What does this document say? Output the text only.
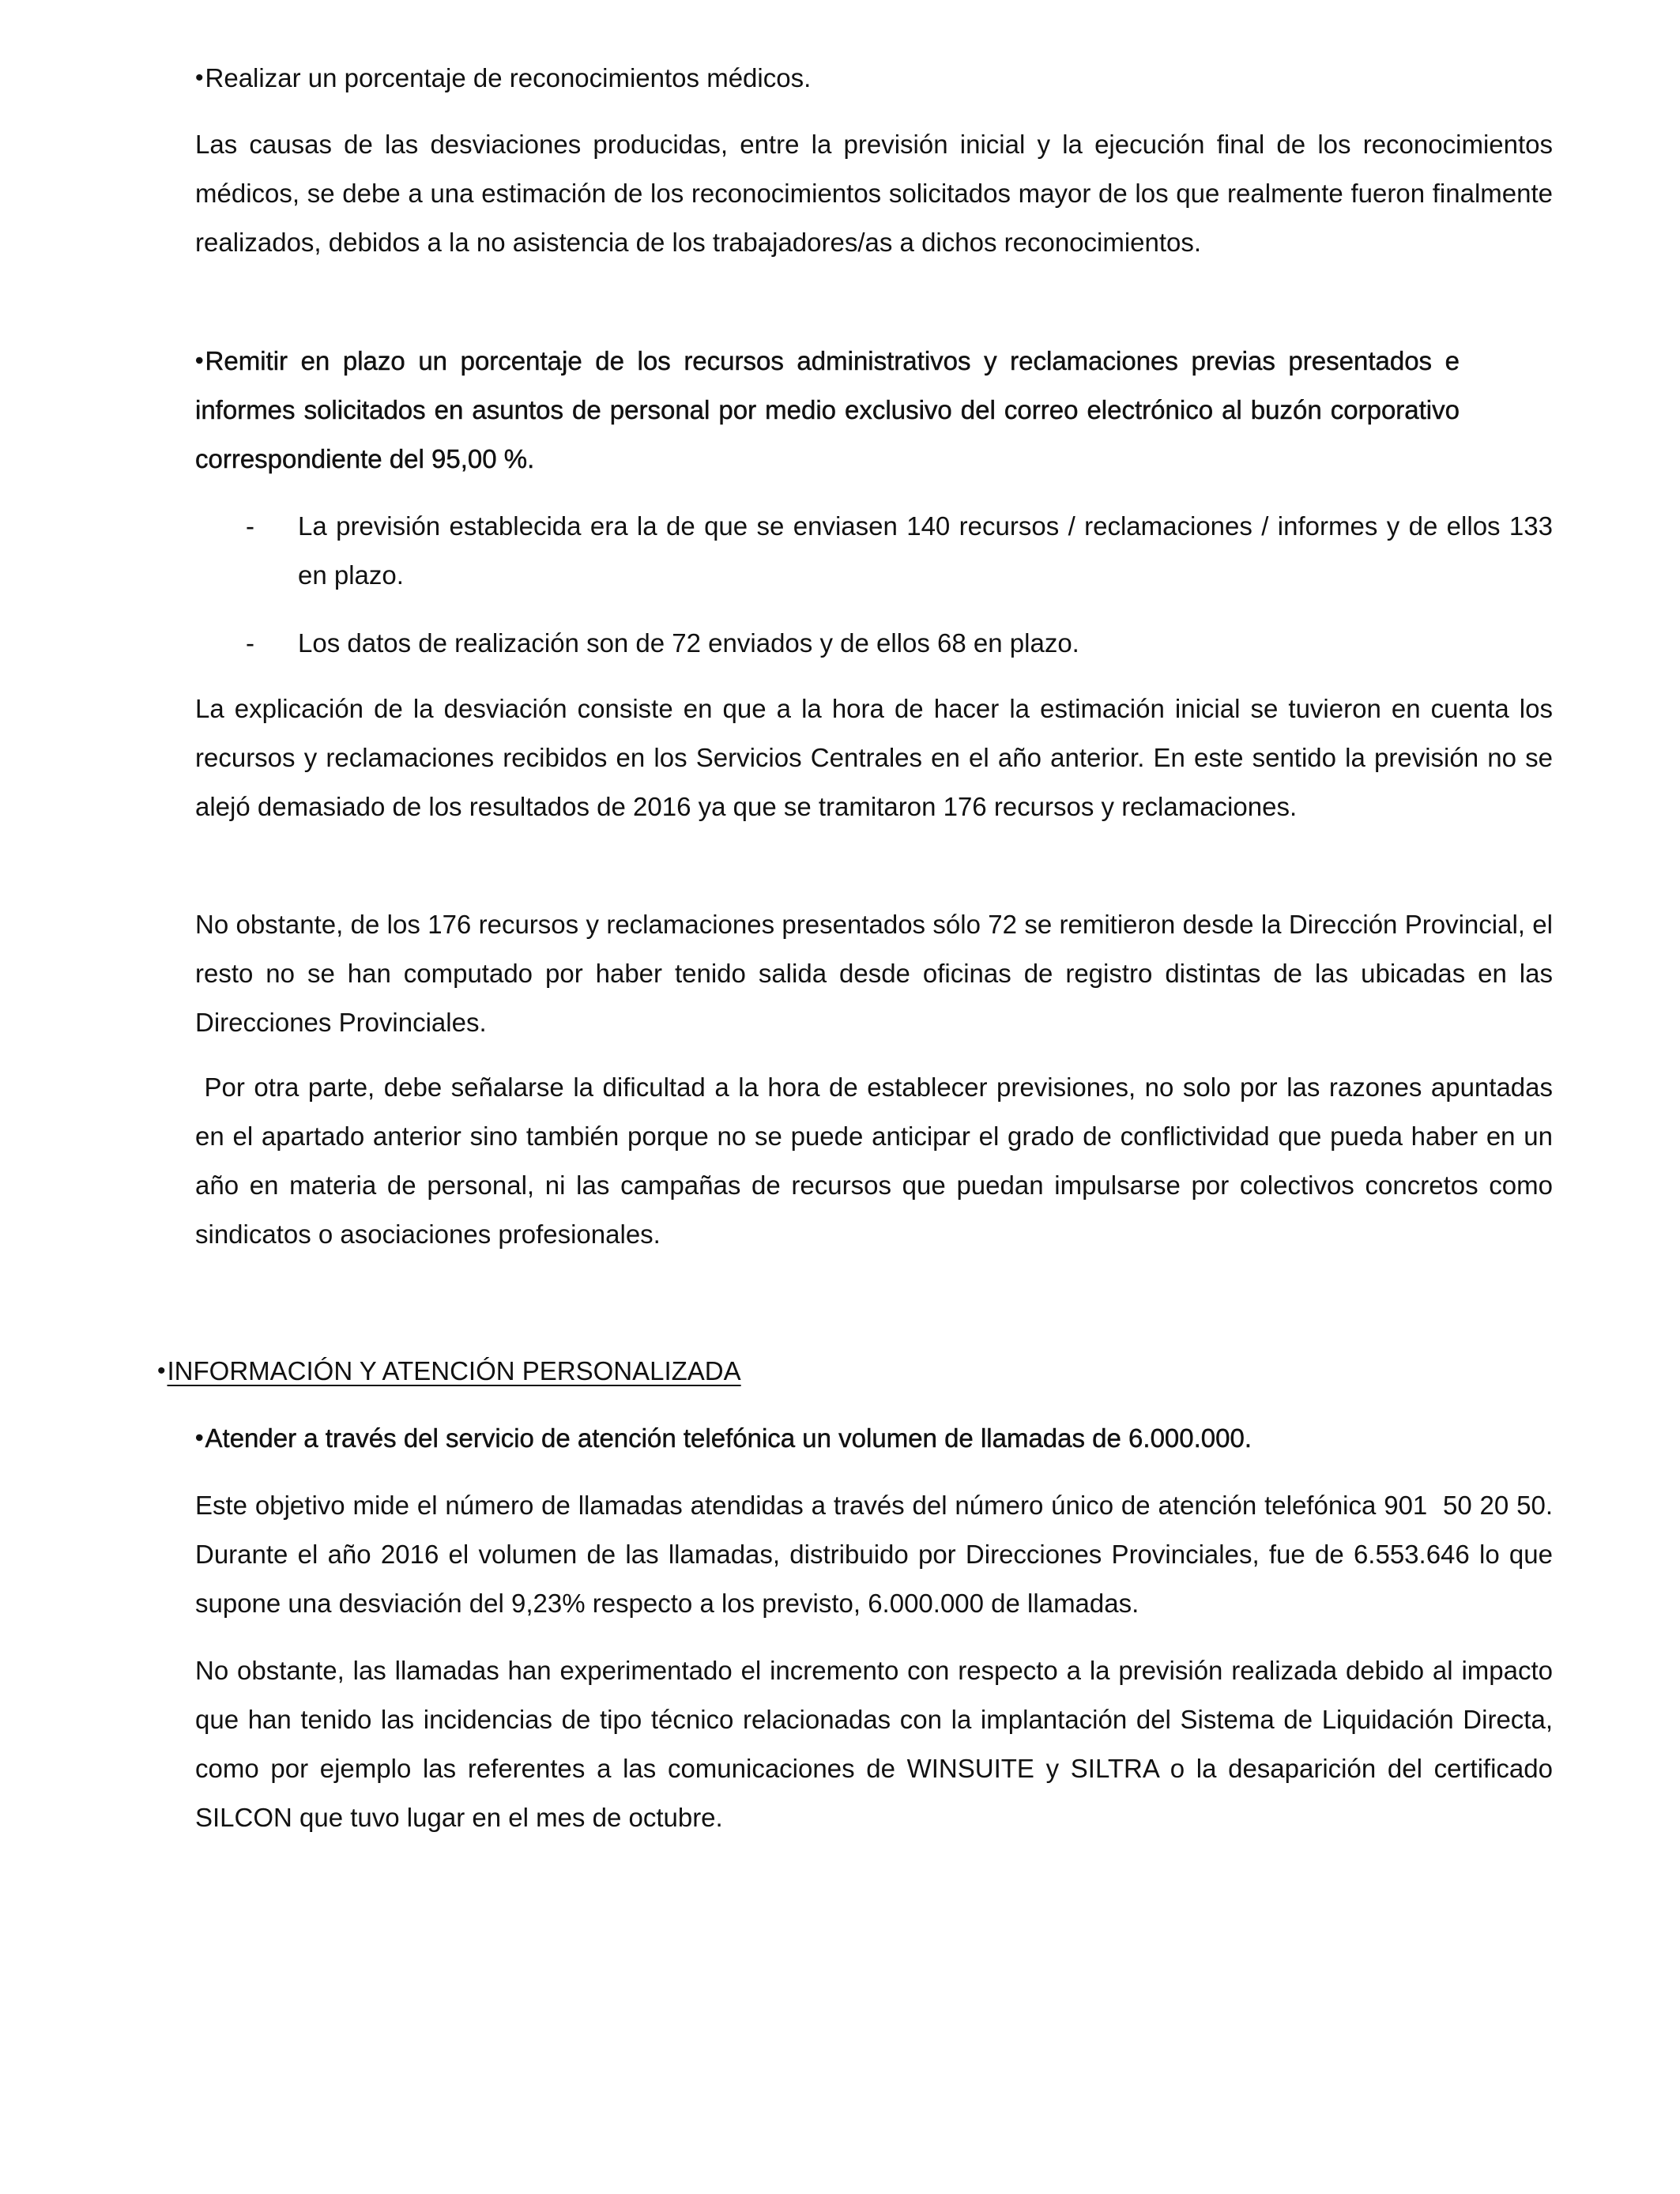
•Realizar un porcentaje de reconocimientos médicos.

Las causas de las desviaciones producidas, entre la previsión inicial y la ejecución final de los reconocimientos médicos, se debe a una estimación de los reconocimientos solicitados mayor de los que realmente fueron finalmente realizados, debidos a la no asistencia de los trabajadores/as a dichos reconocimientos.

•Remitir en plazo un porcentaje de los recursos administrativos y reclamaciones previas presentados e informes solicitados en asuntos de personal por medio exclusivo del correo electrónico al buzón corporativo correspondiente del 95,00 %.

- La previsión establecida era la de que se enviasen 140 recursos / reclamaciones / informes y de ellos 133 en plazo.
- Los datos de realización son de 72 enviados y de ellos 68 en plazo.

La explicación de la desviación consiste en que a la hora de hacer la estimación inicial se tuvieron en cuenta los recursos y reclamaciones recibidos en los Servicios Centrales en el año anterior. En este sentido la previsión no se alejó demasiado de los resultados de 2016 ya que se tramitaron 176 recursos y reclamaciones.

No obstante, de los 176 recursos y reclamaciones presentados sólo 72 se remitieron desde la Dirección Provincial, el resto no se han computado por haber tenido salida desde oficinas de registro distintas de las ubicadas en las Direcciones Provinciales.

Por otra parte, debe señalarse la dificultad a la hora de establecer previsiones, no solo por las razones apuntadas en el apartado anterior sino también porque no se puede anticipar el grado de conflictividad que pueda haber en un año en materia de personal, ni las campañas de recursos que puedan impulsarse por colectivos concretos como sindicatos o asociaciones profesionales.

•INFORMACIÓN Y ATENCIÓN PERSONALIZADA

•Atender a través del servicio de atención telefónica un volumen de llamadas de 6.000.000.

Este objetivo mide el número de llamadas atendidas a través del número único de atención telefónica 901  50 20 50. Durante el año 2016 el volumen de las llamadas, distribuido por Direcciones Provinciales, fue de 6.553.646 lo que supone una desviación del 9,23% respecto a los previsto, 6.000.000 de llamadas.

No obstante, las llamadas han experimentado el incremento con respecto a la previsión realizada debido al impacto que han tenido las incidencias de tipo técnico relacionadas con la implantación del Sistema de Liquidación Directa, como por ejemplo las referentes a las comunicaciones de WINSUITE y SILTRA o la desaparición del certificado SILCON que tuvo lugar en el mes de octubre.
